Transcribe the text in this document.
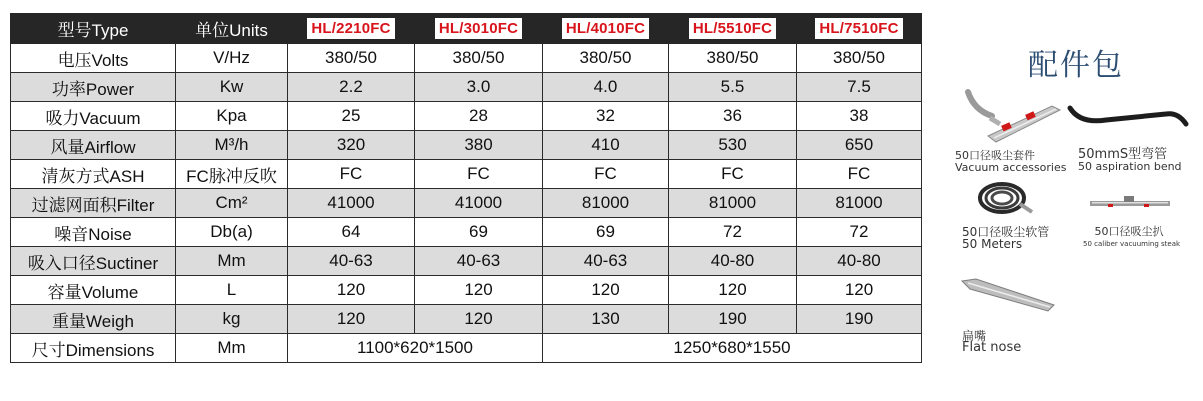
型号Type	单位Units	HL/2210FC	HL/3010FC	HL/4010FC	HL/5510FC	HL/7510FC
电压Volts	V/Hz	380/50	380/50	380/50	380/50	380/50
功率Power	Kw	2.2	3.0	4.0	5.5	7.5
吸力Vacuum	Kpa	25	28	32	36	38
风量Airflow	M³/h	320	380	410	530	650
清灰方式ASH	FC脉冲反吹	FC	FC	FC	FC	FC
过滤网面积Filter	Cm²	41000	41000	81000	81000	81000
噪音Noise	Db(a)	64	69	69	72	72
吸入口径Suctiner	Mm	40-63	40-63	40-63	40-80	40-80
容量Volume	L	120	120	120	120	120
重量Weigh	kg	120	120	130	190	190
尺寸Dimensions	Mm	1100*620*1500		1250*680*1550		
配件包
50口径吸尘套件
Vacuum accessories
50mmS型弯管
50 aspiration bend
50口径吸尘软管
50 Meters
50口径吸尘扒
50 caliber vacuuming steak
扁嘴
Flat nose
